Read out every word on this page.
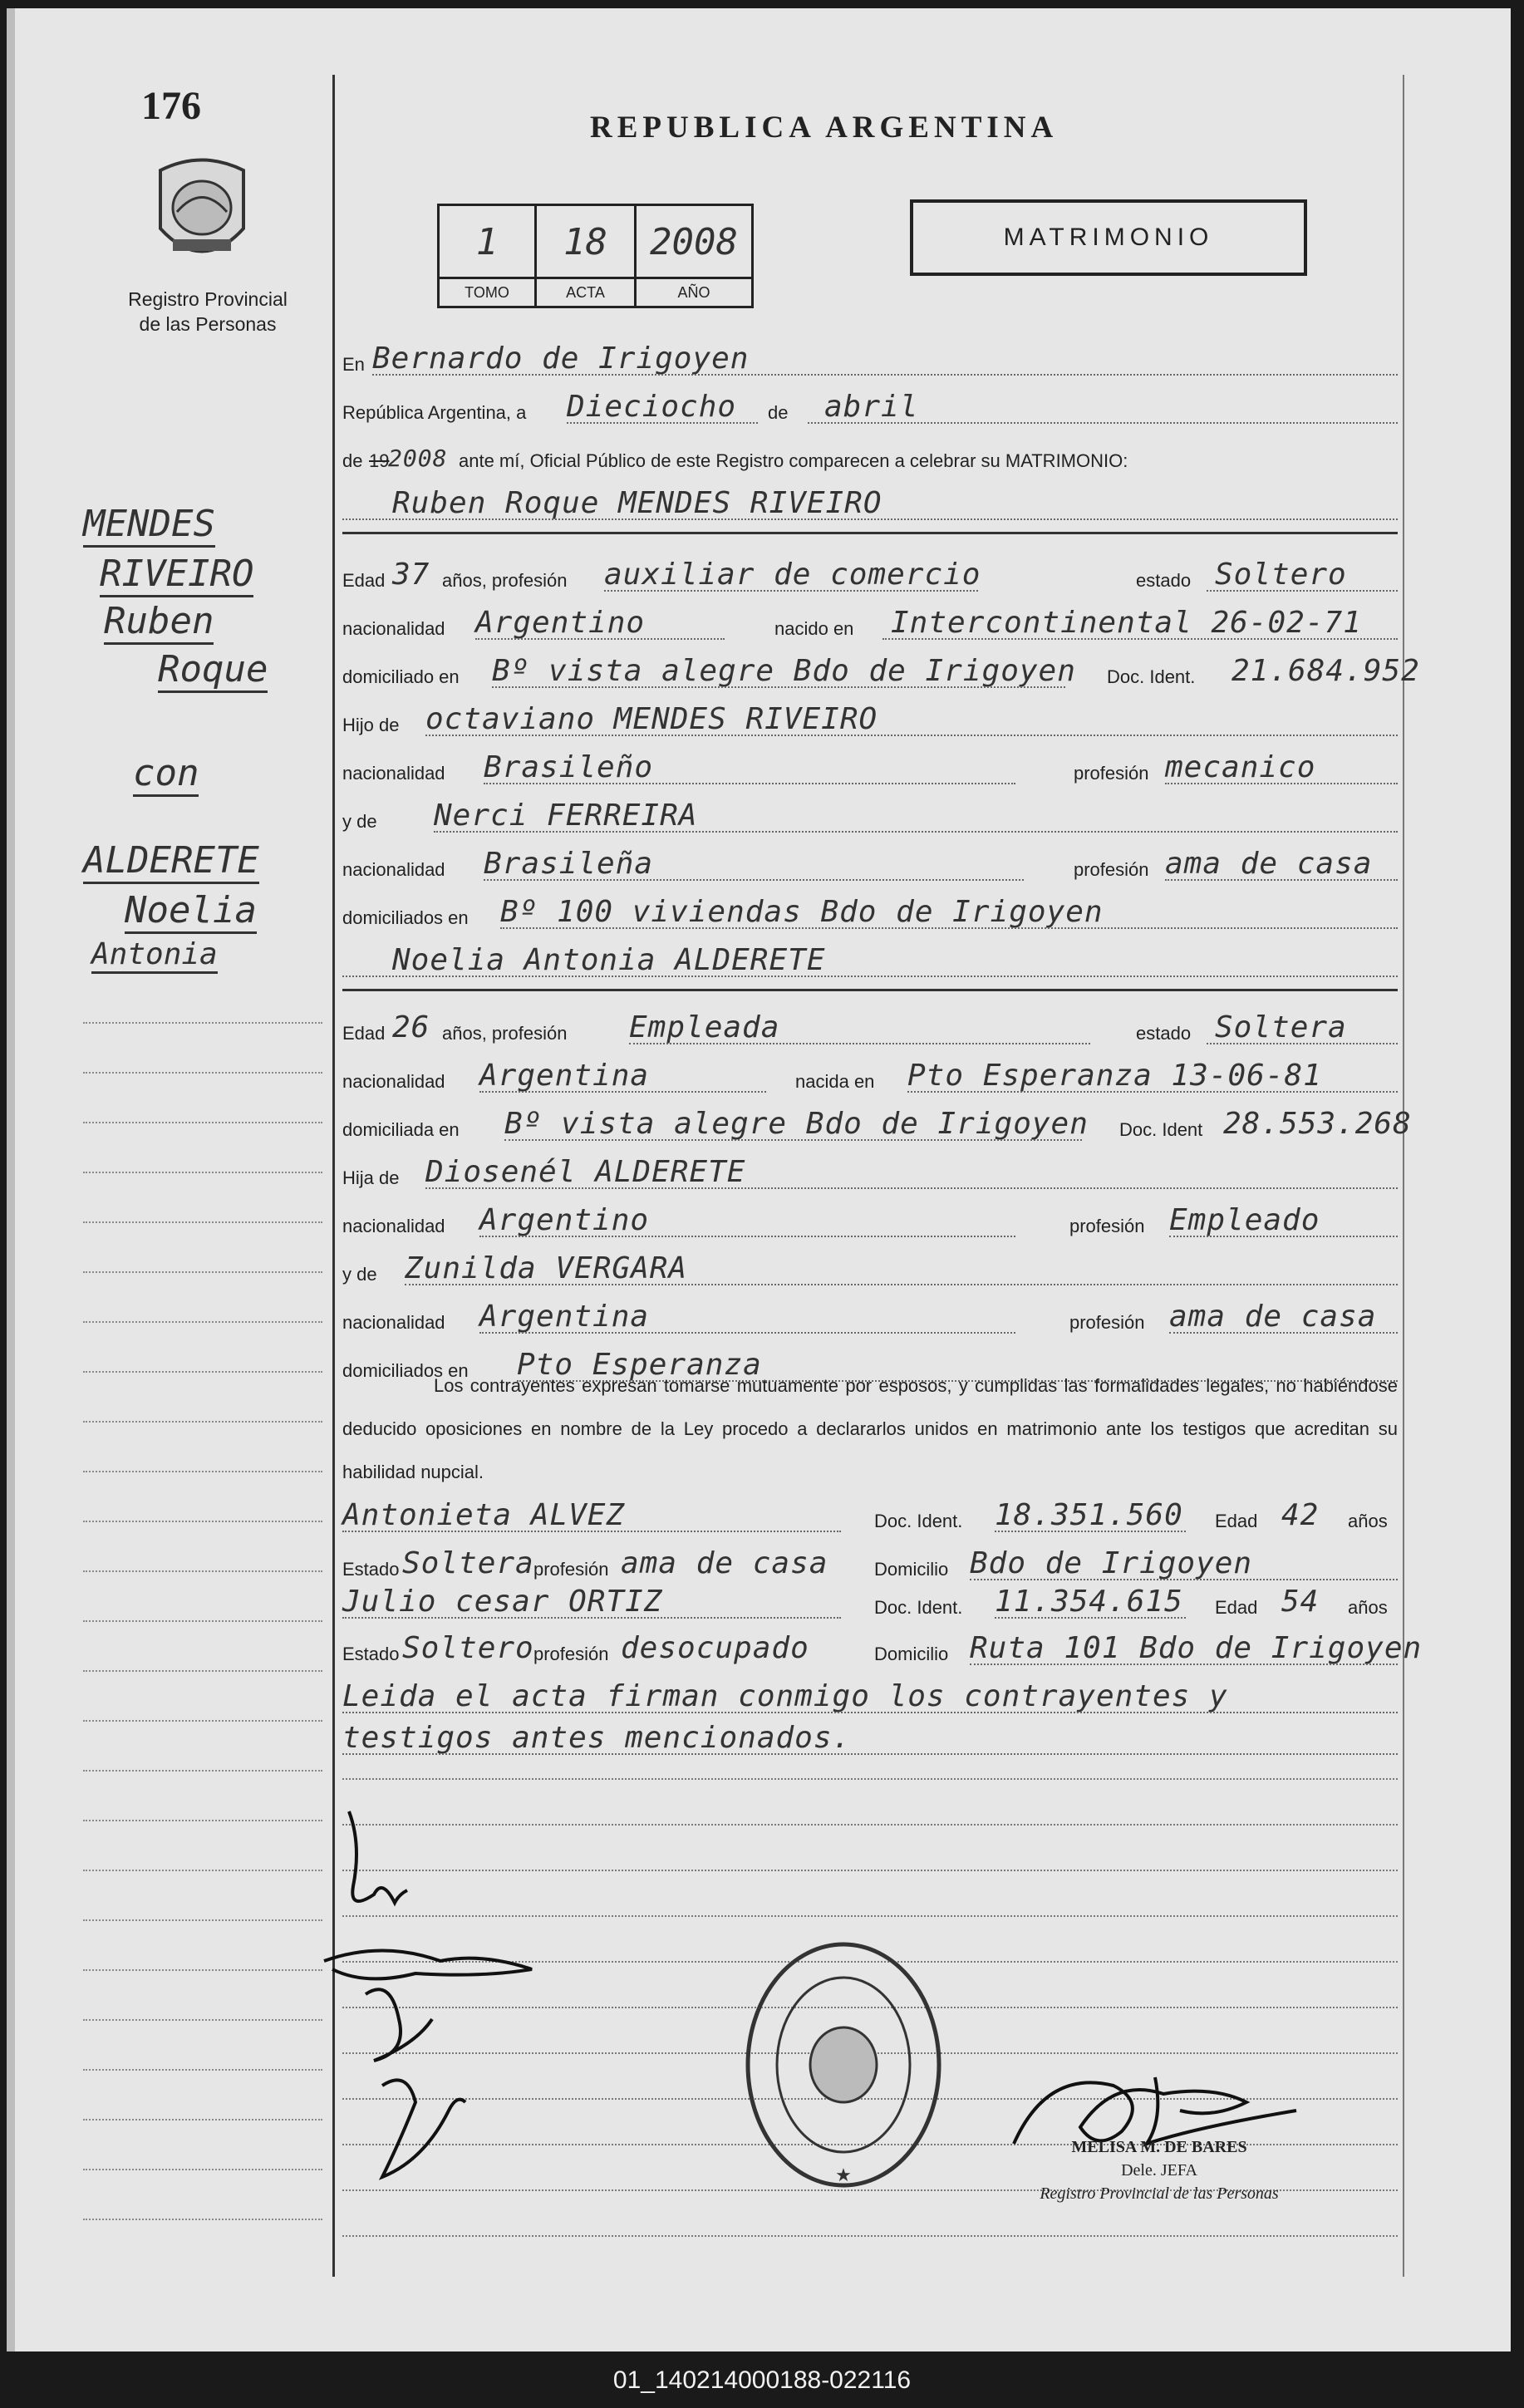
176
Registro Provincial
de las Personas
REPUBLICA ARGENTINA
MATRIMONIO
1
TOMO
18
ACTA
2008
AÑO
MENDES
RIVEIRO
Ruben
Roque
con
ALDERETE
Noelia
Antonia
En Bernardo de Irigoyen
República Argentina, a Dieciocho de abril
de 19
2008 ante mí, Oficial Público de este Registro comparecen a celebrar su MATRIMONIO:
Ruben Roque MENDES RIVEIRO
Edad 37 años, profesión auxiliar de comercio	estado Soltero
nacionalidad Argentino	nacido en Intercontinental 26-02-71
domiciliado en Bº vista alegre Bdo de Irigoyen Doc. Ident. 21.684.952
Hijo de octaviano MENDES RIVEIRO
nacionalidad Brasileño	profesión mecanico
y de Nerci FERREIRA
nacionalidad Brasileña	profesión ama de casa
domiciliados en Bº 100 viviendas Bdo de Irigoyen
Noelia Antonia ALDERETE
Edad 26 años, profesión Empleada	estado Soltera
nacionalidad Argentina	nacida en Pto Esperanza 13-06-81
domiciliada en Bº vista alegre Bdo de Irigoyen Doc. Ident 28.553.268
Hija de Diosenél ALDERETE
nacionalidad Argentino	profesión Empleado
y de Zunilda VERGARA
nacionalidad Argentina	profesión ama de casa
domiciliados en Pto Esperanza
Los contrayentes expresan tomarse mutuamente por esposos, y cumplidas las formalidades legales, no habiéndose deducido oposiciones en nombre de la Ley procedo a declararlos unidos en matrimonio ante los testigos que acreditan su habilidad nupcial.
Antonieta ALVEZ	Doc. Ident. 18.351.560 Edad 42 años
Estado Soltera profesión ama de casa	Domicilio Bdo de Irigoyen
Julio cesar ORTIZ	Doc. Ident. 11.354.615 Edad 54 años
Estado Soltero profesión desocupado	Domicilio Ruta 101 Bdo de Irigoyen
Leida el acta firman conmigo los contrayentes y
testigos antes mencionados.
★
MELISA M. DE BARES
Dele. JEFA
Registro Provincial de las Personas
01_140214000188-022116
